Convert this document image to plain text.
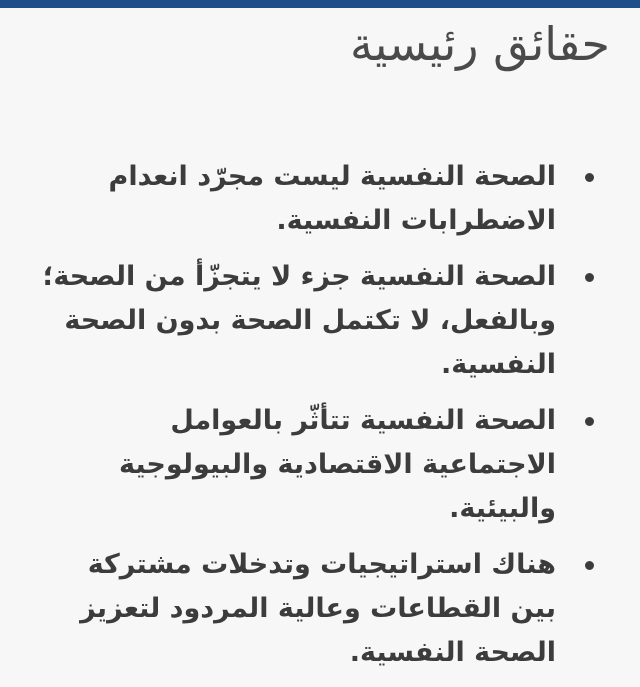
حقائق رئيسية
الصحة النفسية ليست مجرّد انعدام الاضطرابات النفسية.
الصحة النفسية جزء لا يتجزّأ من الصحة؛ وبالفعل، لا تكتمل الصحة بدون الصحة النفسية.
الصحة النفسية تتأثّر بالعوامل الاجتماعية الاقتصادية والبيولوجية والبيئية.
هناك استراتيجيات وتدخلات مشتركة بين القطاعات وعالية المردود لتعزيز الصحة النفسية.
